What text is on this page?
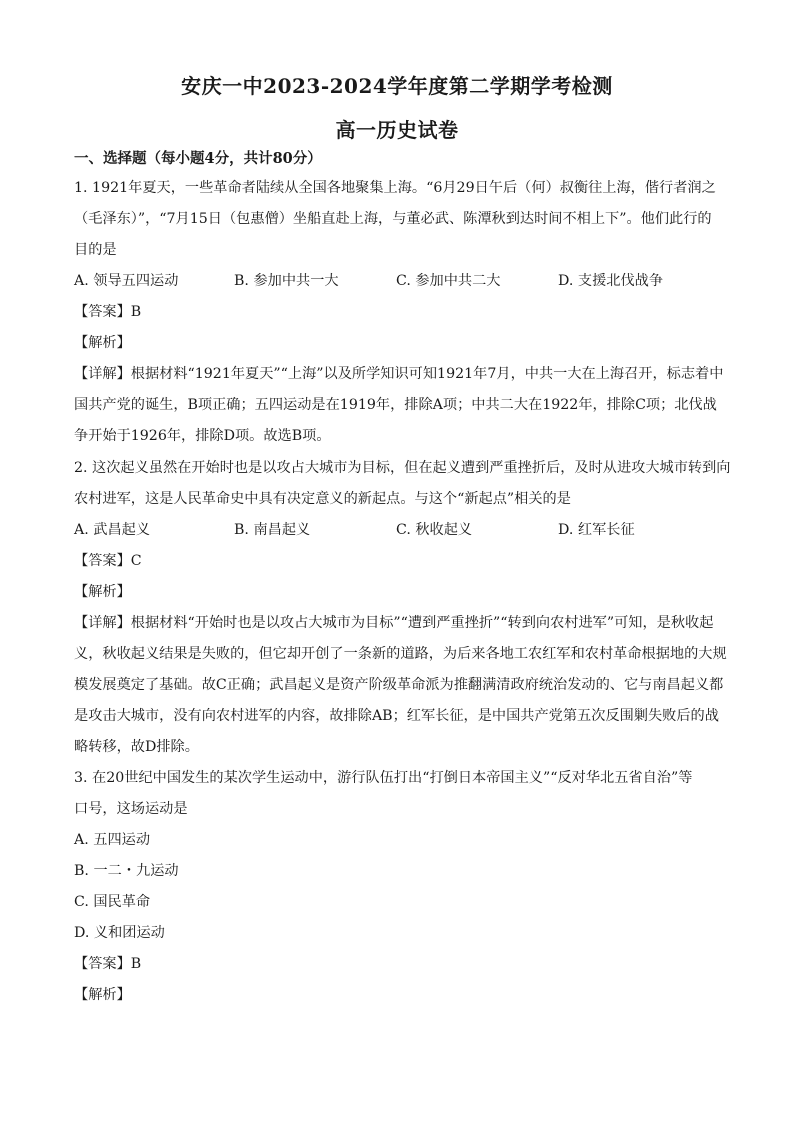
安庆一中2023-2024学年度第二学期学考检测
高一历史试卷
一、选择题（每小题4分，共计80分）
1. 1921年夏天，一些革命者陆续从全国各地聚集上海。“6月29日午后（何）叔衡往上海，偕行者润之
（毛泽东）”，“7月15日（包惠僧）坐船直赴上海，与董必武、陈潭秋到达时间不相上下”。他们此行的
目的是
A. 领导五四运动	B. 参加中共一大	C. 参加中共二大	D. 支援北伐战争
【答案】B
【解析】
【详解】根据材料“1921年夏天”“上海”以及所学知识可知1921年7月，中共一大在上海召开，标志着中
国共产党的诞生，B项正确；五四运动是在1919年，排除A项；中共二大在1922年，排除C项；北伐战
争开始于1926年，排除D项。故选B项。
2. 这次起义虽然在开始时也是以攻占大城市为目标，但在起义遭到严重挫折后，及时从进攻大城市转到向
农村进军，这是人民革命史中具有决定意义的新起点。与这个“新起点”相关的是
A. 武昌起义	B. 南昌起义	C. 秋收起义	D. 红军长征
【答案】C
【解析】
【详解】根据材料“开始时也是以攻占大城市为目标”“遭到严重挫折”“转到向农村进军”可知，是秋收起
义，秋收起义结果是失败的，但它却开创了一条新的道路，为后来各地工农红军和农村革命根据地的大规
模发展奠定了基础。故C正确；武昌起义是资产阶级革命派为推翻满清政府统治发动的、它与南昌起义都
是攻击大城市，没有向农村进军的内容，故排除AB；红军长征，是中国共产党第五次反围剿失败后的战
略转移，故D排除。
3. 在20世纪中国发生的某次学生运动中，游行队伍打出“打倒日本帝国主义”“反对华北五省自治”等
口号，这场运动是
A. 五四运动
B. 一二・九运动
C. 国民革命
D. 义和团运动
【答案】B
【解析】
